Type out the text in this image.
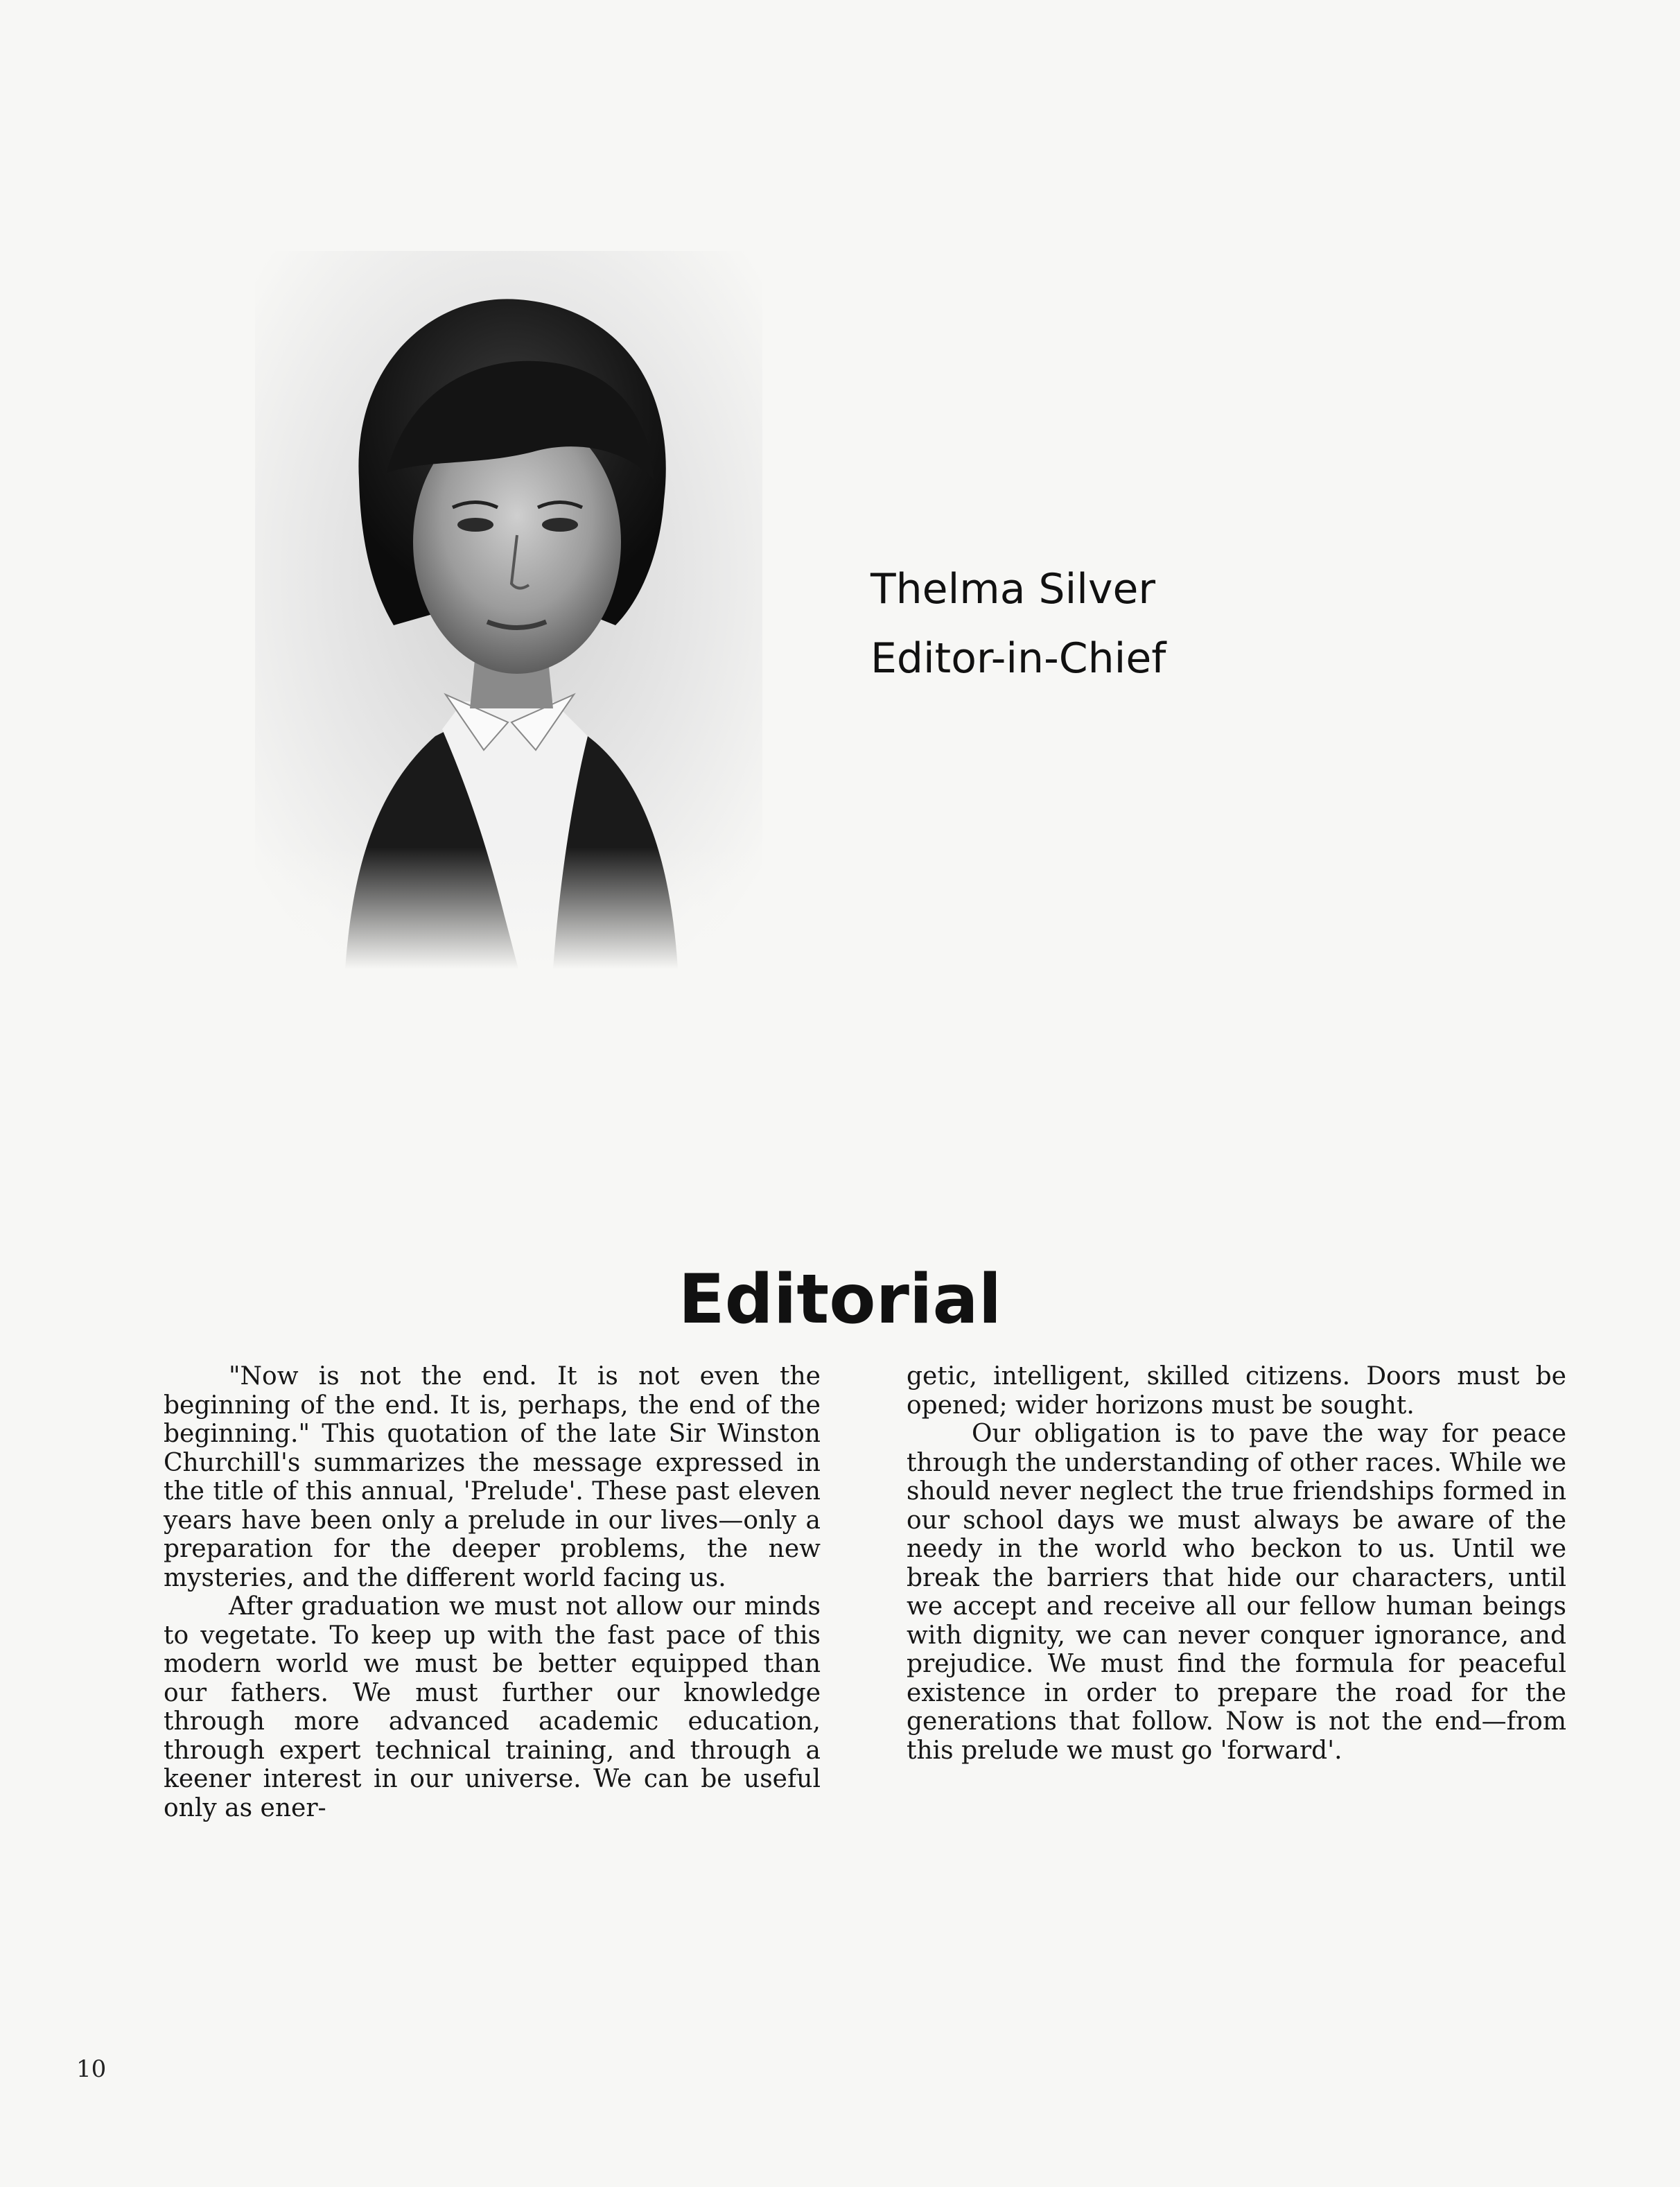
Thelma Silver
Editor-in-Chief
Editorial

"Now is not the end. It is not even the beginning of the end. It is, perhaps, the end of the beginning." This quotation of the late Sir Winston Churchill's summarizes the message expressed in the title of this annual, 'Prelude'. These past eleven years have been only a prelude in our lives—only a preparation for the deeper problems, the new mysteries, and the different world facing us.

After graduation we must not allow our minds to vegetate. To keep up with the fast pace of this modern world we must be better equipped than our fathers. We must further our knowledge through more advanced academic education, through expert technical training, and through a keener interest in our universe. We can be useful only as ener-

getic, intelligent, skilled citizens. Doors must be opened; wider horizons must be sought.

Our obligation is to pave the way for peace through the understanding of other races. While we should never neglect the true friendships formed in our school days we must always be aware of the needy in the world who beckon to us. Until we break the barriers that hide our characters, until we accept and receive all our fellow human beings with dignity, we can never conquer ignorance, and prejudice. We must find the formula for peaceful existence in order to prepare the road for the generations that follow. Now is not the end—from this prelude we must go 'forward'.

10
